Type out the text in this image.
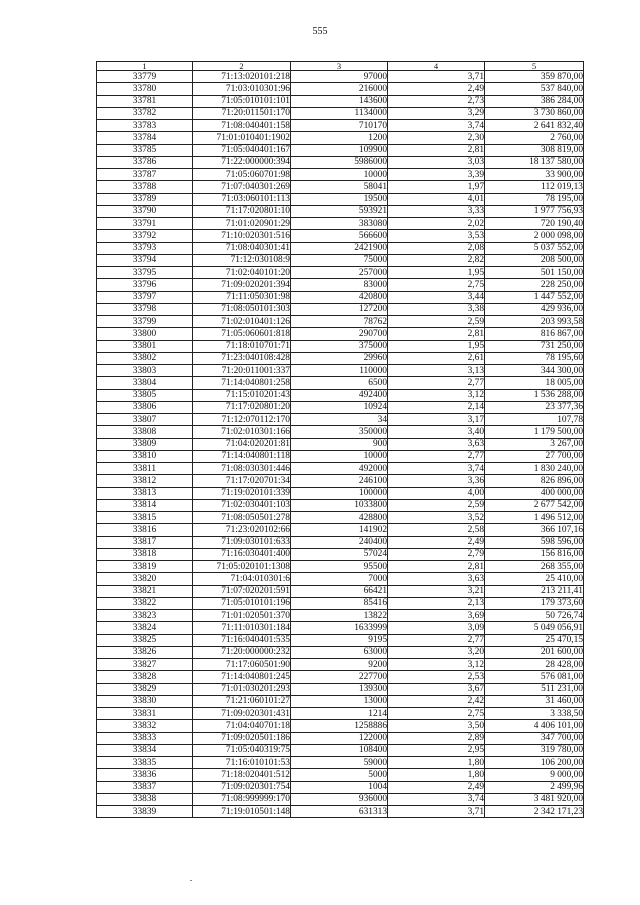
555
1	2	3	4	5
33779	71:13:020101:218	97000	3,71	359 870,00
33780	71:03:010301:96	216000	2,49	537 840,00
33781	71:05:010101:101	143600	2,73	386 284,00
33782	71:20:011501:170	1134000	3,29	3 730 860,00
33783	71:08:040401:158	710170	3,74	2 641 832,40
33784	71:01:010401:1902	1200	2,30	2 760,00
33785	71:05:040401:167	109900	2,81	308 819,00
33786	71:22:000000:394	5986000	3,03	18 137 580,00
33787	71:05:060701:98	10000	3,39	33 900,00
33788	71:07:040301:269	58041	1,97	112 019,13
33789	71:03:060101:113	19500	4,01	78 195,00
33790	71:17:020801:10	593921	3,33	1 977 756,93
33791	71:01:020901:29	383080	2,02	720 190,40
33792	71:10:020301:516	566600	3,53	2 000 098,00
33793	71:08:040301:41	2421900	2,08	5 037 552,00
33794	71:12:030108:9	75000	2,82	208 500,00
33795	71:02:040101:20	257000	1,95	501 150,00
33796	71:09:020201:394	83000	2,75	228 250,00
33797	71:11:050301:98	420800	3,44	1 447 552,00
33798	71:08:050101:303	127200	3,38	429 936,00
33799	71:02:010401:126	78762	2,59	203 993,58
33800	71:05:060601:818	290700	2,81	816 867,00
33801	71:18:010701:71	375000	1,95	731 250,00
33802	71:23:040108:428	29960	2,61	78 195,60
33803	71:20:011001:337	110000	3,13	344 300,00
33804	71:14:040801:258	6500	2,77	18 005,00
33805	71:15:010201:43	492400	3,12	1 536 288,00
33806	71:17:020801:20	10924	2,14	23 377,36
33807	71:12:070112:170	34	3,17	107,78
33808	71:02:010301:166	350000	3,40	1 179 500,00
33809	71:04:020201:81	900	3,63	3 267,00
33810	71:14:040801:118	10000	2,77	27 700,00
33811	71:08:030301:446	492000	3,74	1 830 240,00
33812	71:17:020701:34	246100	3,36	826 896,00
33813	71:19:020101:339	100000	4,00	400 000,00
33814	71:02:030401:103	1033800	2,59	2 677 542,00
33815	71:08:050501:278	428800	3,52	1 496 512,00
33816	71:23:020102:66	141902	2,58	366 107,16
33817	71:09:030101:633	240400	2,49	598 596,00
33818	71:16:030401:400	57024	2,79	156 816,00
33819	71:05:020101:1308	95500	2,81	268 355,00
33820	71:04:010301:6	7000	3,63	25 410,00
33821	71:07:020201:591	66421	3,21	213 211,41
33822	71:05:010101:196	85416	2,13	179 373,60
33823	71:01:020501:370	13822	3,69	50 726,74
33824	71:11:010301:184	1633999	3,09	5 049 056,91
33825	71:16:040401:535	9195	2,77	25 470,15
33826	71:20:000000:232	63000	3,20	201 600,00
33827	71:17:060501:90	9200	3,12	28 428,00
33828	71:14:040801:245	227700	2,53	576 081,00
33829	71:01:030201:293	139300	3,67	511 231,00
33830	71:21:060101:27	13000	2,42	31 460,00
33831	71:09:020301:431	1214	2,75	3 338,50
33832	71:04:040701:18	1258886	3,50	4 406 101,00
33833	71:09:020501:186	122000	2,89	347 700,00
33834	71:05:040319:75	108400	2,95	319 780,00
33835	71:16:010101:53	59000	1,80	106 200,00
33836	71:18:020401:512	5000	1,80	9 000,00
33837	71:09:020301:754	1004	2,49	2 499,96
33838	71:08:999999:170	936000	3,74	3 481 920,00
33839	71:19:010501:148	631313	3,71	2 342 171,23
